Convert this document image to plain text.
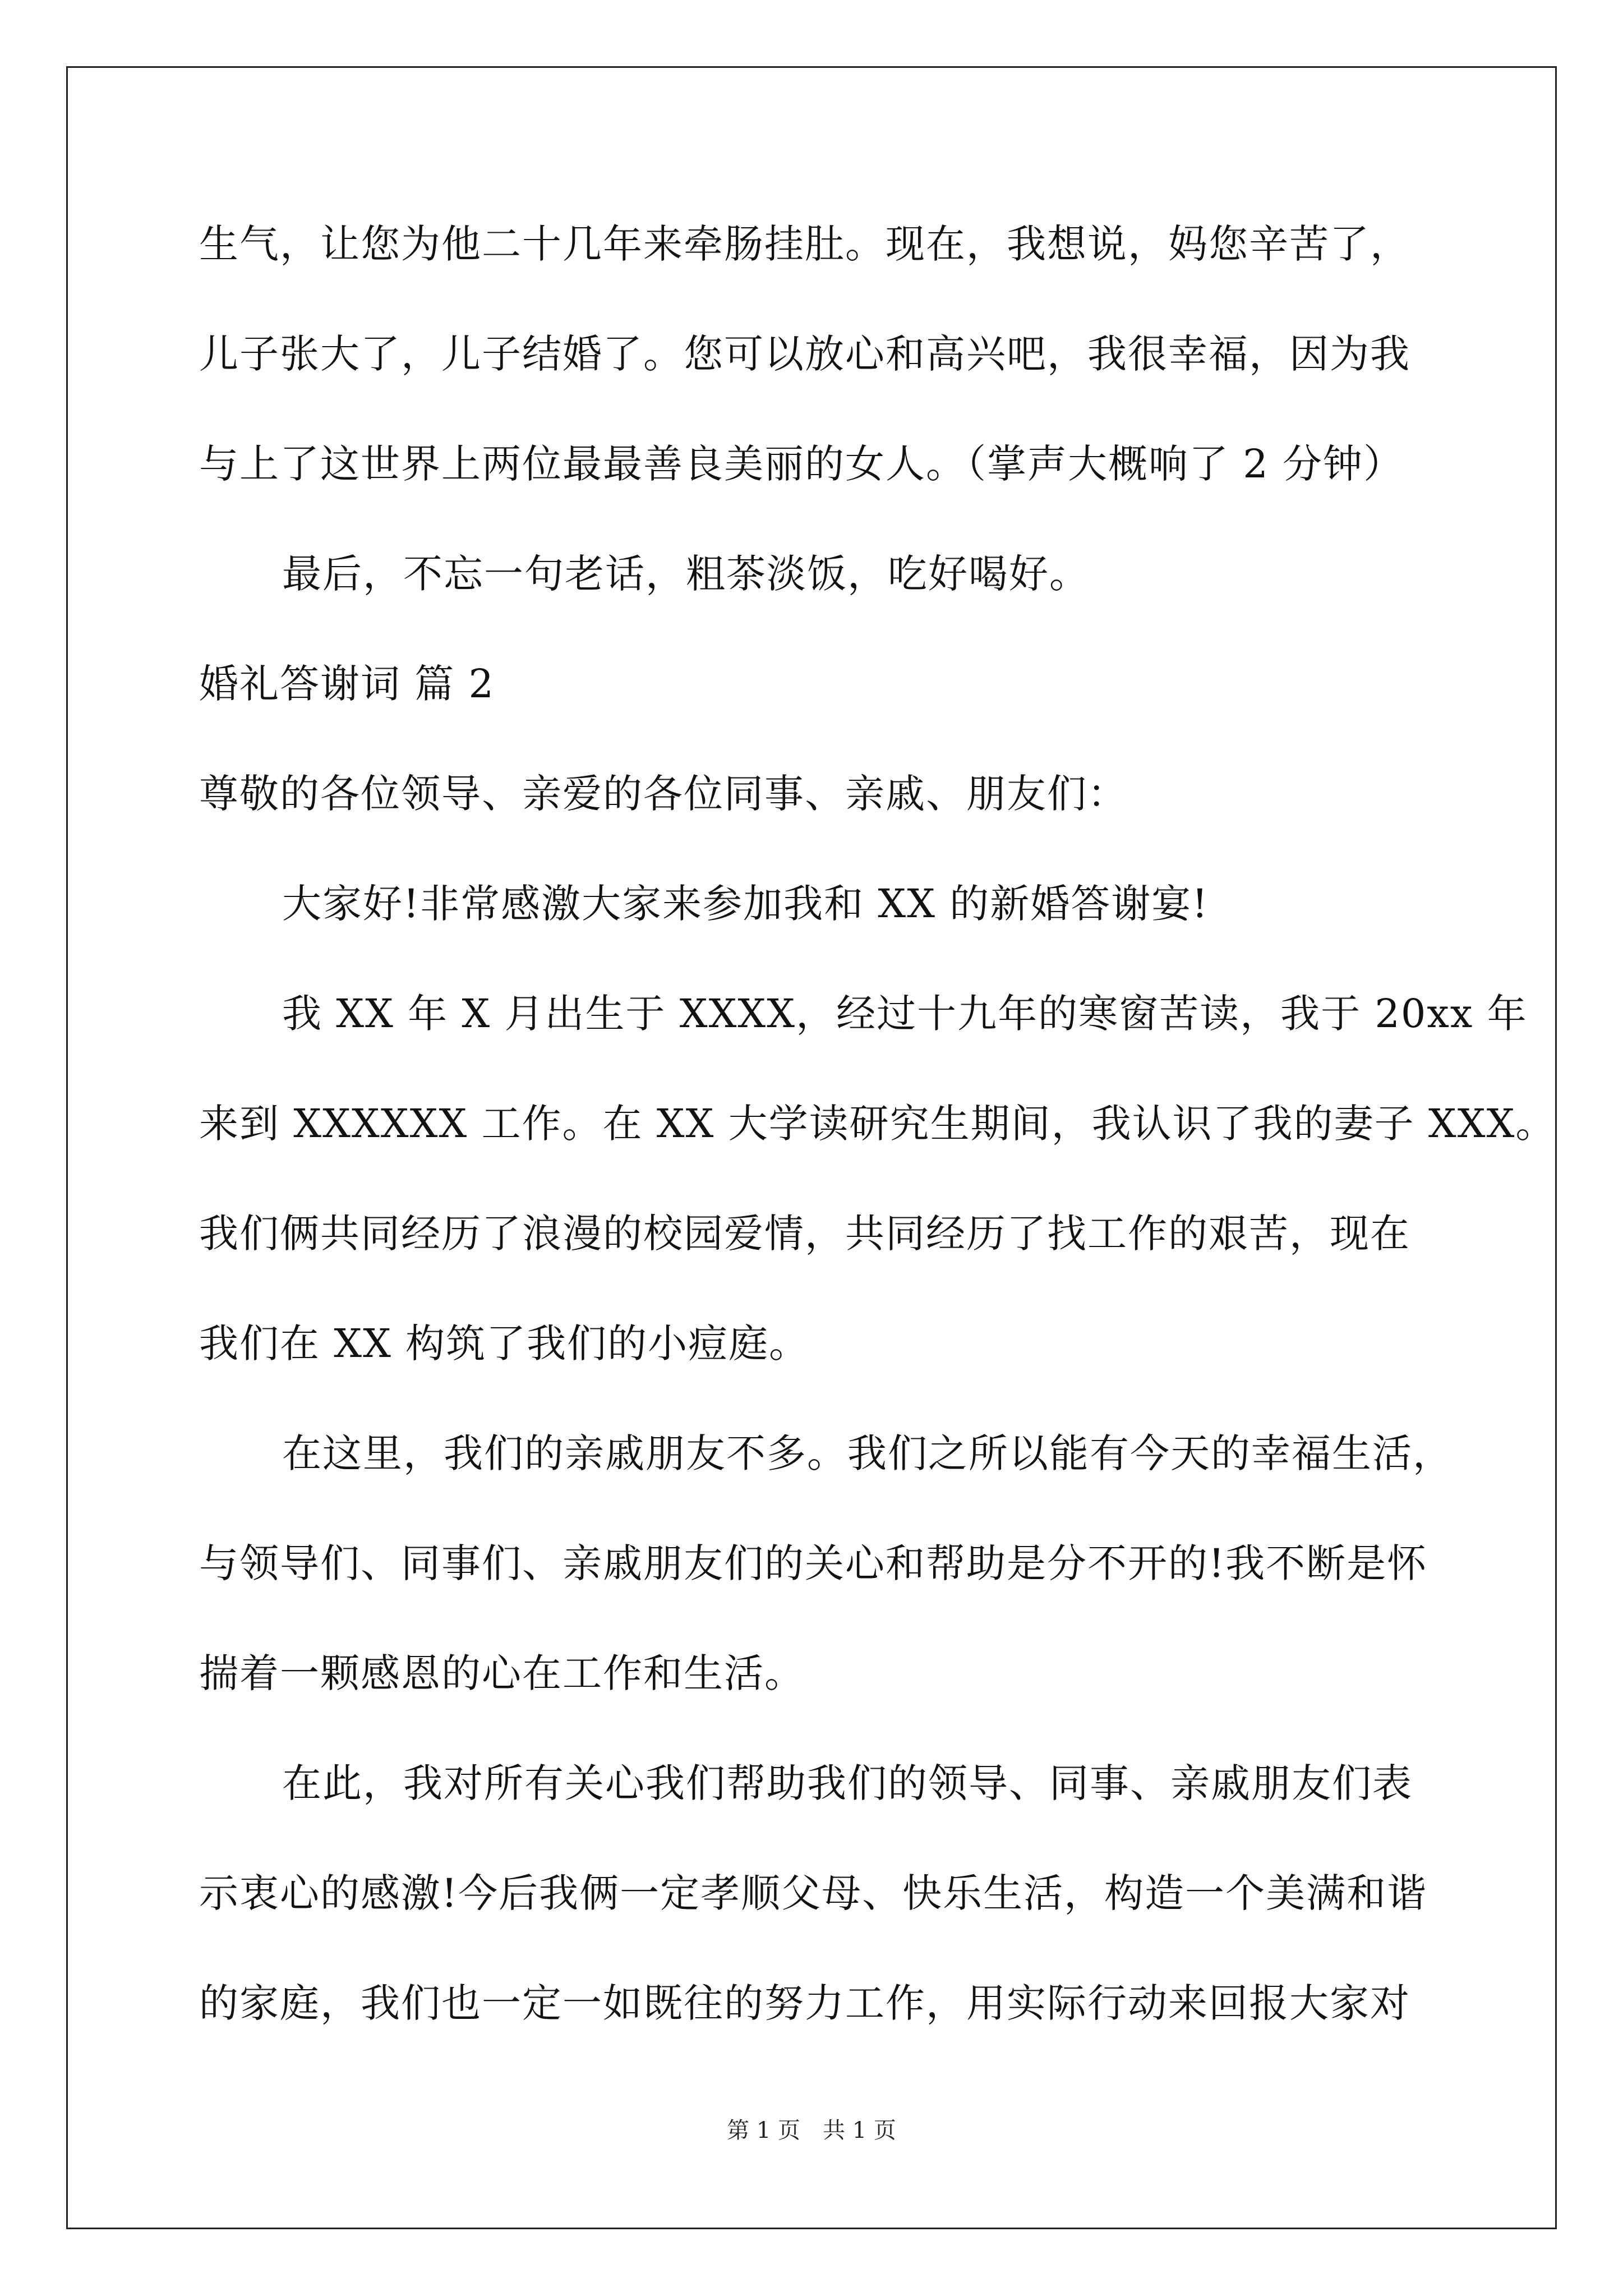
生气，让您为他二十几年来牵肠挂肚。现在，我想说，妈您辛苦了，
儿子张大了，儿子结婚了。您可以放心和高兴吧，我很幸福，因为我
与上了这世界上两位最最善良美丽的女人。（掌声大概响了 2 分钟）
最后，不忘一句老话，粗茶淡饭，吃好喝好。
婚礼答谢词 篇 2
尊敬的各位领导、亲爱的各位同事、亲戚、朋友们：
大家好!非常感激大家来参加我和 XX 的新婚答谢宴!
我 XX 年 X 月出生于 XXXX，经过十九年的寒窗苦读，我于 20xx 年
来到 XXXXXX 工作。在 XX 大学读研究生期间，我认识了我的妻子 XXX。
我们俩共同经历了浪漫的校园爱情，共同经历了找工作的艰苦，现在
我们在 XX 构筑了我们的小痘庭。
在这里，我们的亲戚朋友不多。我们之所以能有今天的幸福生活，
与领导们、同事们、亲戚朋友们的关心和帮助是分不开的!我不断是怀
揣着一颗感恩的心在工作和生活。
在此，我对所有关心我们帮助我们的领导、同事、亲戚朋友们表
示衷心的感激!今后我俩一定孝顺父母、快乐生活，构造一个美满和谐
的家庭，我们也一定一如既往的努力工作，用实际行动来回报大家对
第 1 页　共 1 页
